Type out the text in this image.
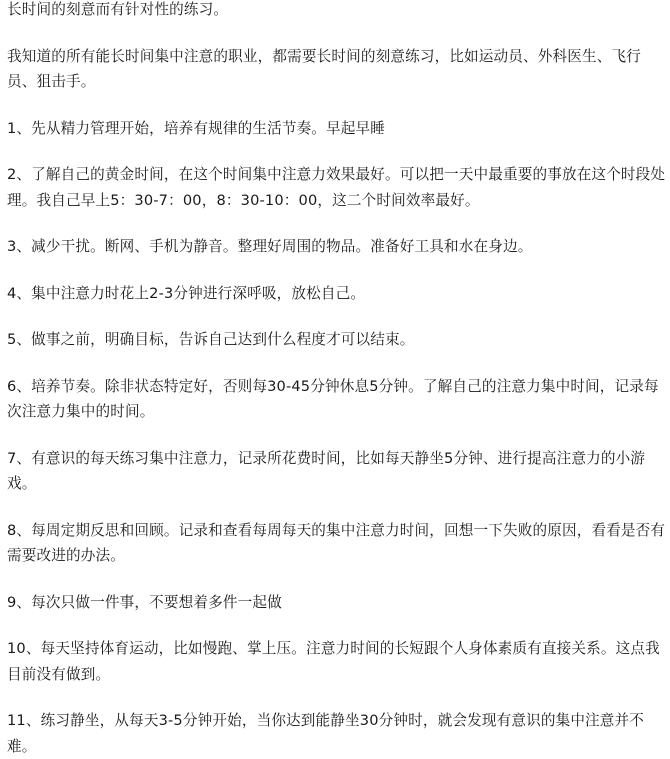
长时间的刻意而有针对性的练习。

我知道的所有能长时间集中注意的职业，都需要长时间的刻意练习，比如运动员、外科医生、飞行员、狙击手。

1、先从精力管理开始，培养有规律的生活节奏。早起早睡

2、了解自己的黄金时间，在这个时间集中注意力效果最好。可以把一天中最重要的事放在这个时段处理。我自己早上5：30-7：00，8：30-10：00，这二个时间效率最好。

3、减少干扰。断网、手机为静音。整理好周围的物品。准备好工具和水在身边。

4、集中注意力时花上2-3分钟进行深呼吸，放松自己。

5、做事之前，明确目标，告诉自己达到什么程度才可以结束。

6、培养节奏。除非状态特定好，否则每30-45分钟休息5分钟。了解自己的注意力集中时间，记录每次注意力集中的时间。

7、有意识的每天练习集中注意力，记录所花费时间，比如每天静坐5分钟、进行提高注意力的小游戏。

8、每周定期反思和回顾。记录和查看每周每天的集中注意力时间，回想一下失败的原因，看看是否有需要改进的办法。

9、每次只做一件事，不要想着多件一起做

10、每天坚持体育运动，比如慢跑、掌上压。注意力时间的长短跟个人身体素质有直接关系。这点我目前没有做到。

11、练习静坐，从每天3-5分钟开始，当你达到能静坐30分钟时，就会发现有意识的集中注意并不难。
